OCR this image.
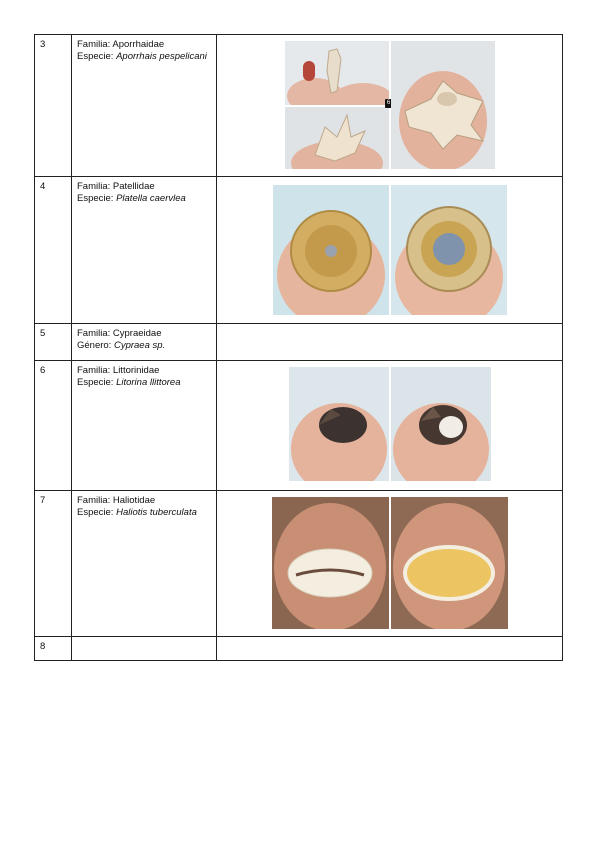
3	Familia: Aporrhaidae
Especie: Aporrhais pespelicani	6

4	Familia: Patellidae
Especie: Platella caervlea	

5	Familia: Cypraeidae
Género: Cypraea sp.	
6	Familia: Littorinidae
Especie: Litorina llittorea	

7	Familia: Haliotidae
Especie: Haliotis tuberculata	

8		
